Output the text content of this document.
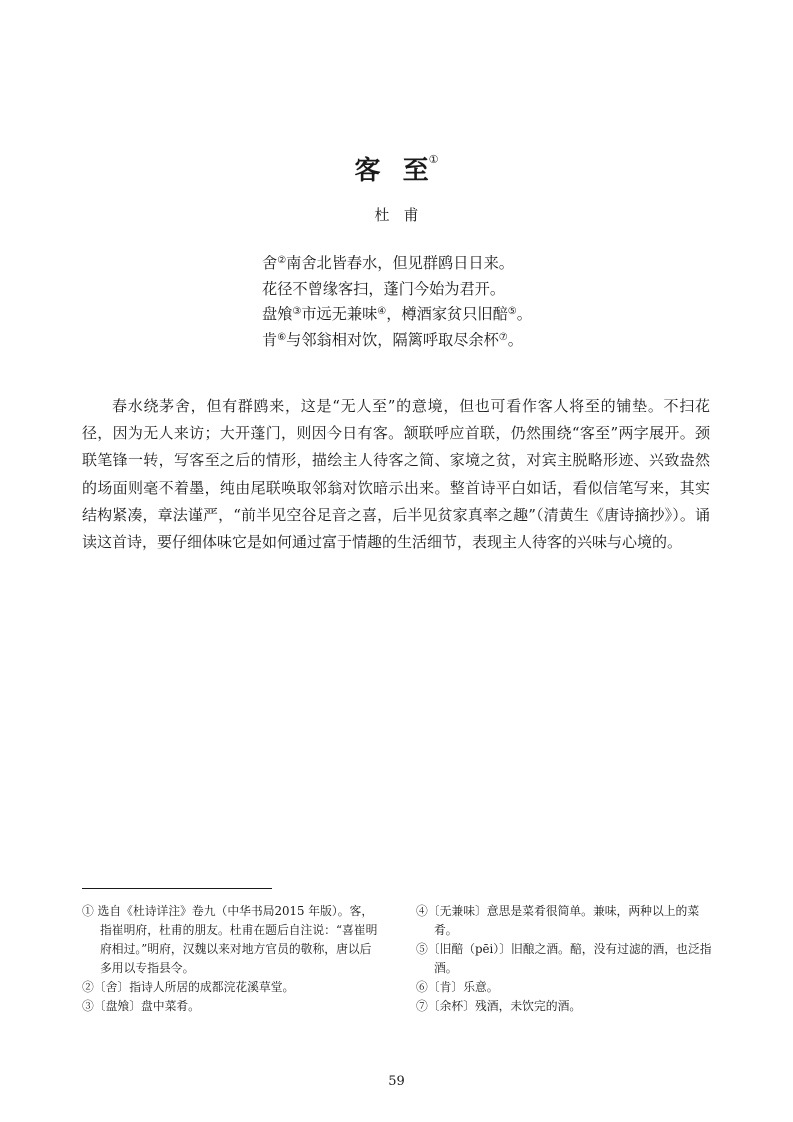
客 至①
杜 甫
舍②南舍北皆春水，但见群鸥日日来。
花径不曾缘客扫，蓬门今始为君开。
盘飧③市远无兼味④，樽酒家贫只旧醅⑤。
肯⑥与邻翁相对饮，隔篱呼取尽余杯⑦。

春水绕茅舍，但有群鸥来，这是“无人至”的意境，但也可看作客人将至的铺垫。不扫花径，因为无人来访；大开蓬门，则因今日有客。颔联呼应首联，仍然围绕“客至”两字展开。颈联笔锋一转，写客至之后的情形，描绘主人待客之简、家境之贫，对宾主脱略形迹、兴致盎然的场面则毫不着墨，纯由尾联唤取邻翁对饮暗示出来。整首诗平白如话，看似信笔写来，其实结构紧凑，章法谨严，“前半见空谷足音之喜，后半见贫家真率之趣”（清黄生《唐诗摘抄》）。诵读这首诗，要仔细体味它是如何通过富于情趣的生活细节，表现主人待客的兴味与心境的。

① 选自《杜诗详注》卷九（中华书局2015 年版）。客，指崔明府，杜甫的朋友。杜甫在题后自注说：“喜崔明府相过。”明府，汉魏以来对地方官员的敬称，唐以后多用以专指县令。
②〔舍〕指诗人所居的成都浣花溪草堂。
③〔盘飧〕盘中菜肴。
④〔无兼味〕意思是菜肴很简单。兼味，两种以上的菜肴。
⑤〔旧醅（pēi）〕旧酿之酒。醅，没有过滤的酒，也泛指酒。
⑥〔肯〕乐意。
⑦〔余杯〕残酒，未饮完的酒。
59
